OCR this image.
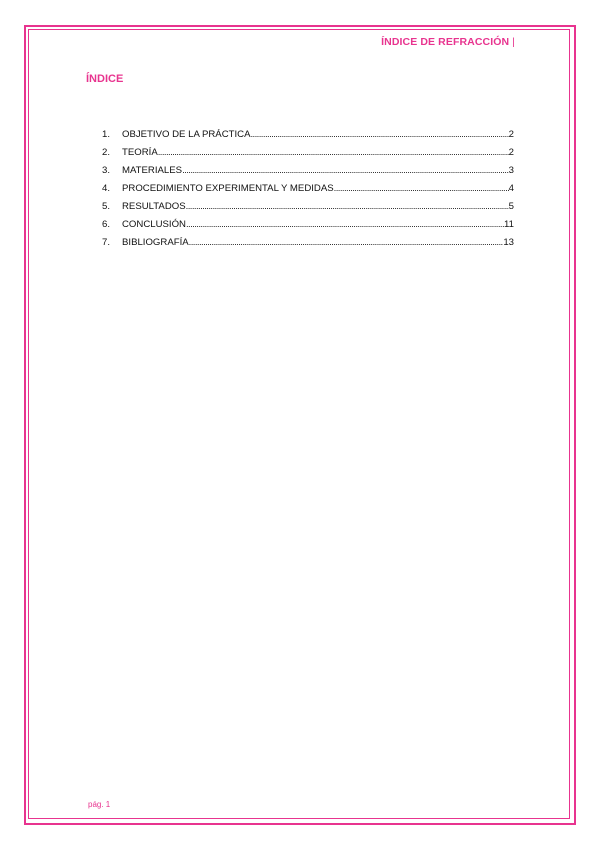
ÍNDICE DE REFRACCIÓN |
ÍNDICE
1.	OBJETIVO DE LA PRÁCTICA .....	2
2.	TEORÍA .....	2
3.	MATERIALES .....	3
4.	PROCEDIMIENTO EXPERIMENTAL Y MEDIDAS .....	4
5.	RESULTADOS .....	5
6.	CONCLUSIÓN .....	11
7.	BIBLIOGRAFÍA .....	13
pág. 1
